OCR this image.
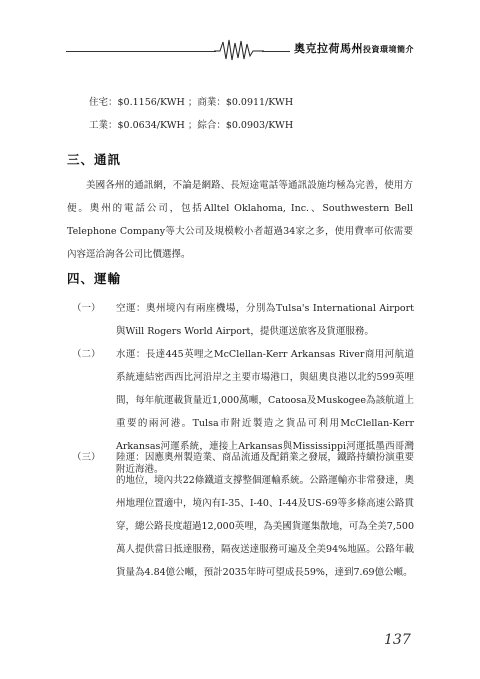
奧克拉荷馬州投資環境簡介
住宅：$0.1156/KWH ；商業：$0.0911/KWH
工業：$0.0634/KWH ；綜合：$0.0903/KWH
三、通訊

美國各州的通訊網，不論是網路、長短途電話等通訊設施均極為完善，使用方便。奧州的電話公司，包括Alltel Oklahoma, Inc.、Southwestern Bell Telephone Company等大公司及規模較小者超過34家之多，使用費率可依需要內容逕洽詢各公司比價選擇。

四、運輸
（一） 空運：奧州境內有兩座機場，分別為Tulsa's International Airport與Will Rogers World Airport，提供運送旅客及貨運服務。
（二） 水運：長達445英哩之McClellan-Kerr Arkansas River商用河航道系統連結密西西比河沿岸之主要市場港口，與紐奧良港以北約599英哩間，每年航運載貨量近1,000萬噸，Catoosa及Muskogee為該航道上重要的兩河港。Tulsa市附近製造之貨品可利用McClellan-Kerr Arkansas河運系統，連接上Arkansas與Mississippi河運抵墨西哥灣附近海港。
（三） 陸運：因應奧州製造業、商品流通及配銷業之發展，鐵路持續扮演重要的地位，境內共22條鐵道支撐整個運輸系統。公路運輸亦非常發達，奧州地理位置適中，境內有I-35、I-40、I-44及US-69等多條高速公路貫穿，總公路長度超過12,000英哩，為美國貨運集散地，可為全美7,500萬人提供當日抵達服務，隔夜送達服務可遍及全美94%地區。公路年載貨量為4.84億公噸，預計2035年時可望成長59%，達到7.69億公噸。
137
